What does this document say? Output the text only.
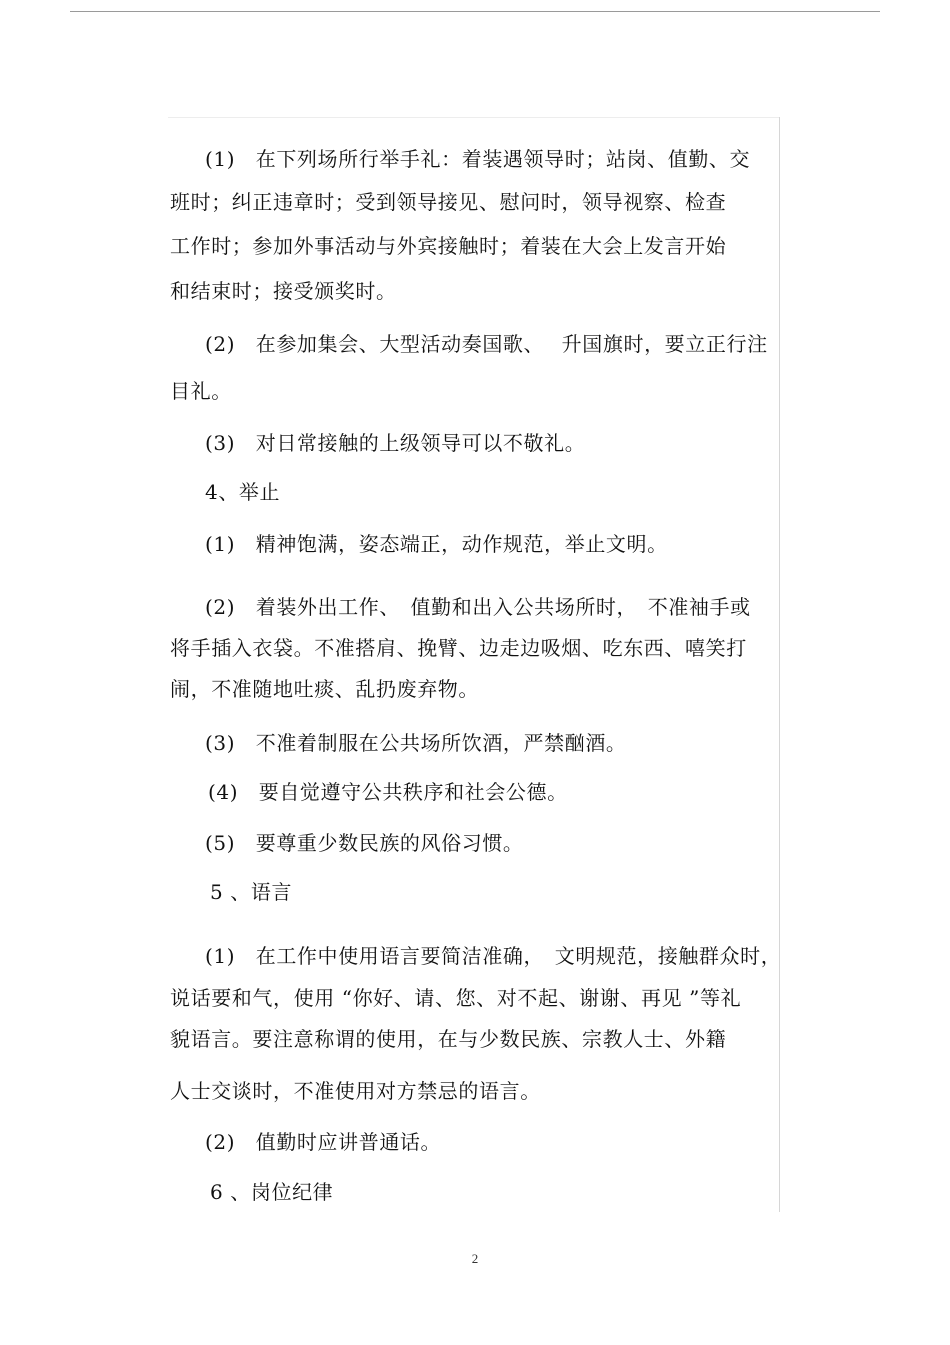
(1)　在下列场所行举手礼：着装遇领导时；站岗、值勤、交
班时；纠正违章时；受到领导接见、慰问时，领导视察、检查
工作时；参加外事活动与外宾接触时；着装在大会上发言开始
和结束时；接受颁奖时。
(2)　在参加集会、大型活动奏国歌、　 升国旗时，要立正行注
目礼。
(3)　对日常接触的上级领导可以不敬礼。
4、举止
(1)　精神饱满，姿态端正，动作规范，举止文明。
(2)　着装外出工作、　值勤和出入公共场所时，　不准袖手或
将手插入衣袋。不准搭肩、挽臂、边走边吸烟、吃东西、嘻笑打
闹，不准随地吐痰、乱扔废弃物。
(3)　不准着制服在公共场所饮酒，严禁酗酒。
(4)　要自觉遵守公共秩序和社会公德。
(5)　要尊重少数民族的风俗习惯。
5 、语言
(1)　在工作中使用语言要简洁准确，　文明规范，接触群众时，
说话要和气，使用 “你好、请、您、对不起、谢谢、再见 ”等礼
貌语言。要注意称谓的使用，在与少数民族、宗教人士、外籍
人士交谈时，不准使用对方禁忌的语言。
(2)　值勤时应讲普通话。
6 、岗位纪律
2
